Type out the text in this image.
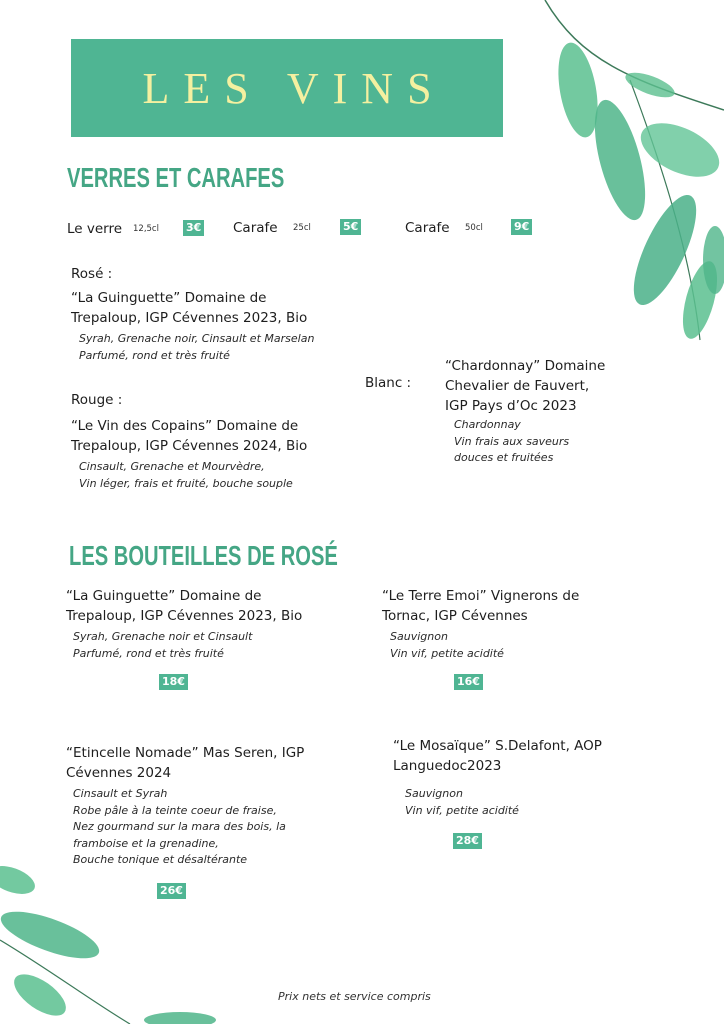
LES VINS
VERRES ET CARAFES
Le verre 12,5cl 3€ Carafe 25cl	5€	Carafe 50cl	9€
Rosé :
“La Guinguette” Domaine de
Trepaloup, IGP Cévennes 2023, Bio
Syrah, Grenache noir, Cinsault et Marselan
Parfumé, rond et très fruité
Rouge :
“Le Vin des Copains” Domaine de
Trepaloup, IGP Cévennes 2024, Bio
Cinsault, Grenache et Mourvèdre,
Vin léger, frais et fruité, bouche souple
Blanc :
“Chardonnay” Domaine
Chevalier de Fauvert,
IGP Pays d’Oc 2023
Chardonnay
Vin frais aux saveurs
douces et fruitées
LES BOUTEILLES DE ROSÉ
“La Guinguette” Domaine de
Trepaloup, IGP Cévennes 2023, Bio
Syrah, Grenache noir et Cinsault
Parfumé, rond et très fruité
18€
“Le Terre Emoi” Vignerons de
Tornac, IGP Cévennes
Sauvignon
Vin vif, petite acidité
16€
“Etincelle Nomade” Mas Seren, IGP
Cévennes 2024
Cinsault et Syrah
Robe pâle à la teinte coeur de fraise,
Nez gourmand sur la mara des bois, la
framboise et la grenadine,
Bouche tonique et désaltérante
26€
“Le Mosaïque” S.Delafont, AOP
Languedoc2023
Sauvignon
Vin vif, petite acidité
28€
Prix nets et service compris
